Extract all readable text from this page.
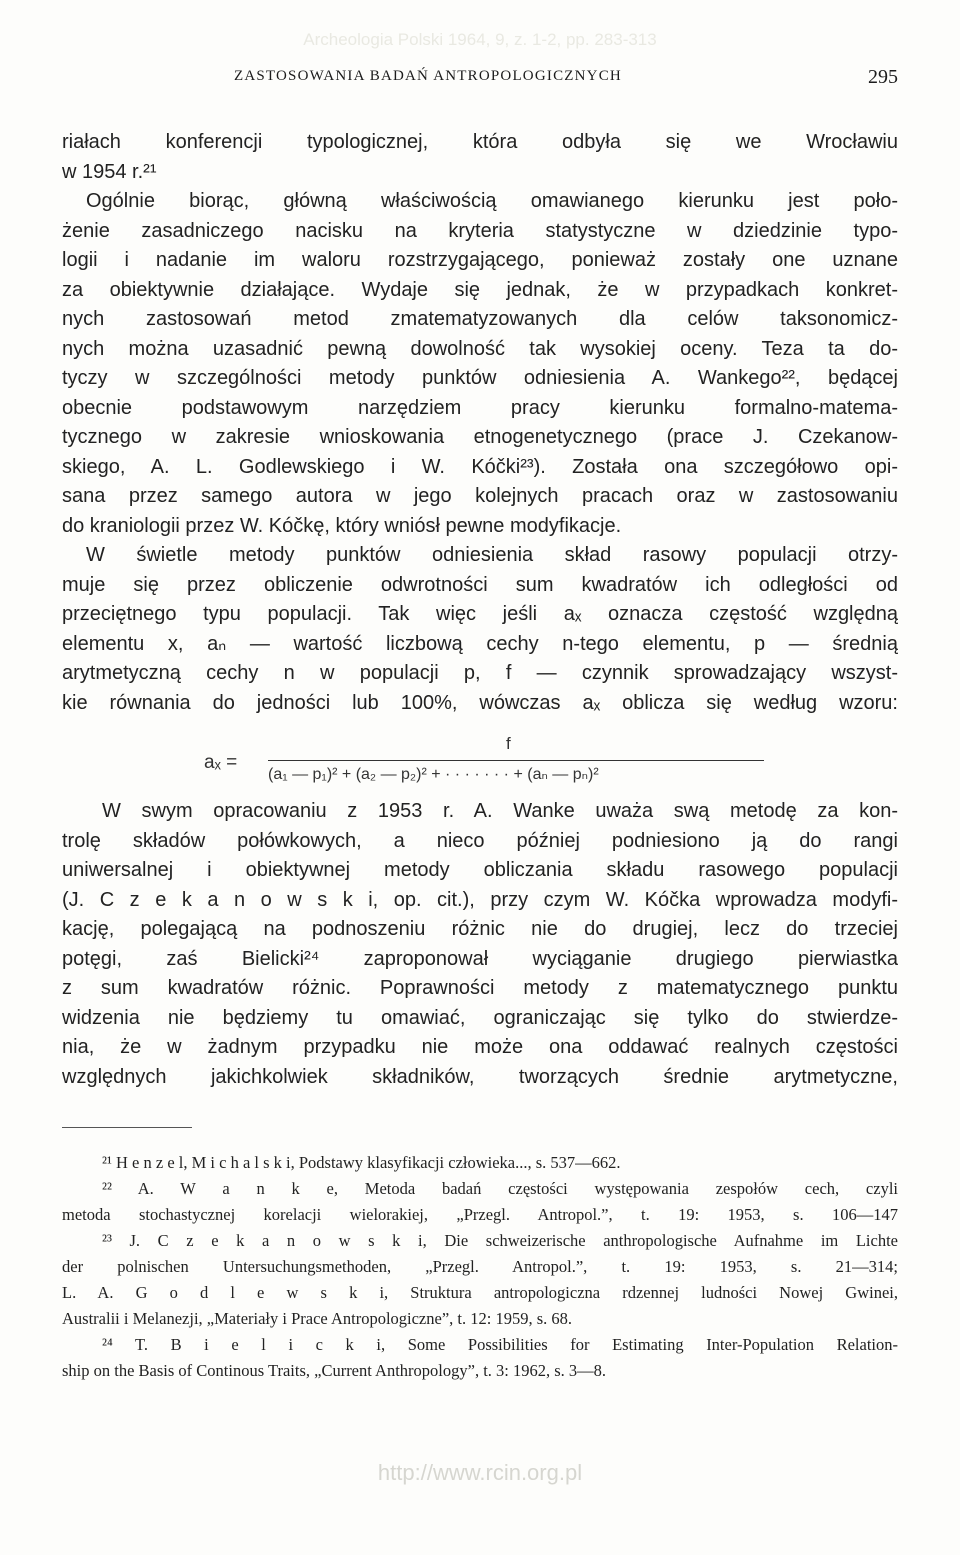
Archeologia Polski 1964, 9, z. 1-2, pp. 283-313
ZASTOSOWANIA BADAŃ ANTROPOLOGICZNYCH	295
riałach konferencji typologicznej, która odbyła się we Wrocławiu
w 1954 r.²¹
Ogólnie biorąc, główną właściwością omawianego kierunku jest poło-
żenie zasadniczego nacisku na kryteria statystyczne w dziedzinie typo-
logii i nadanie im waloru rozstrzygającego, ponieważ zostały one uznane
za obiektywnie działające. Wydaje się jednak, że w przypadkach konkret-
nych zastosowań metod zmatematyzowanych dla celów taksonomicz-
nych można uzasadnić pewną dowolność tak wysokiej oceny. Teza ta do-
tyczy w szczególności metody punktów odniesienia A. Wankego²², będącej
obecnie podstawowym narzędziem pracy kierunku formalno-matema-
tycznego w zakresie wnioskowania etnogenetycznego (prace J. Czekanow-
skiego, A. L. Godlewskiego i W. Kóčki²³). Została ona szczegółowo opi-
sana przez samego autora w jego kolejnych pracach oraz w zastosowaniu
do kraniologii przez W. Kóčkę, który wniósł pewne modyfikacje.
W świetle metody punktów odniesienia skład rasowy populacji otrzy-
muje się przez obliczenie odwrotności sum kwadratów ich odległości od
przeciętnego typu populacji. Tak więc jeśli aₓ oznacza częstość względną
elementu x, aₙ — wartość liczbową cechy n-tego elementu, p — średnią
arytmetyczną cechy n w populacji p, f — czynnik sprowadzający wszyst-
kie równania do jedności lub 100%, wówczas aₓ oblicza się według wzoru:
aₓ =
f
(a₁ — p₁)² + (a₂ — p₂)² + · · · · · · · + (aₙ — pₙ)²
W swym opracowaniu z 1953 r. A. Wanke uważa swą metodę za kon-
trolę składów połówkowych, a nieco później podniesiono ją do rangi
uniwersalnej i obiektywnej metody obliczania składu rasowego populacji
(J. C z e k a n o w s k i, op. cit.), przy czym W. Kóčka wprowadza modyfi-
kację, polegającą na podnoszeniu różnic nie do drugiej, lecz do trzeciej
potęgi, zaś Bielicki²⁴ zaproponował wyciąganie drugiego pierwiastka
z sum kwadratów różnic. Poprawności metody z matematycznego punktu
widzenia nie będziemy tu omawiać, ograniczając się tylko do stwierdze-
nia, że w żadnym przypadku nie może ona oddawać realnych częstości
względnych jakichkolwiek składników, tworzących średnie arytmetyczne,
²¹ H e n z e l, M i c h a l s k i, Podstawy klasyfikacji człowieka..., s. 537—662.
²² A. W a n k e, Metoda badań częstości występowania zespołów cech, czyli
metoda stochastycznej korelacji wielorakiej, „Przegl. Antropol.”, t. 19: 1953, s. 106—147
²³ J. C z e k a n o w s k i, Die schweizerische anthropologische Aufnahme im Lichte
der polnischen Untersuchungsmethoden, „Przegl. Antropol.”, t. 19: 1953, s. 21—314;
L. A. G o d l e w s k i, Struktura antropologiczna rdzennej ludności Nowej Gwinei,
Australii i Melanezji, „Materiały i Prace Antropologiczne”, t. 12: 1959, s. 68.
²⁴ T. B i e l i c k i, Some Possibilities for Estimating Inter-Population Relation-
ship on the Basis of Continous Traits, „Current Anthropology”, t. 3: 1962, s. 3—8.
http://www.rcin.org.pl
